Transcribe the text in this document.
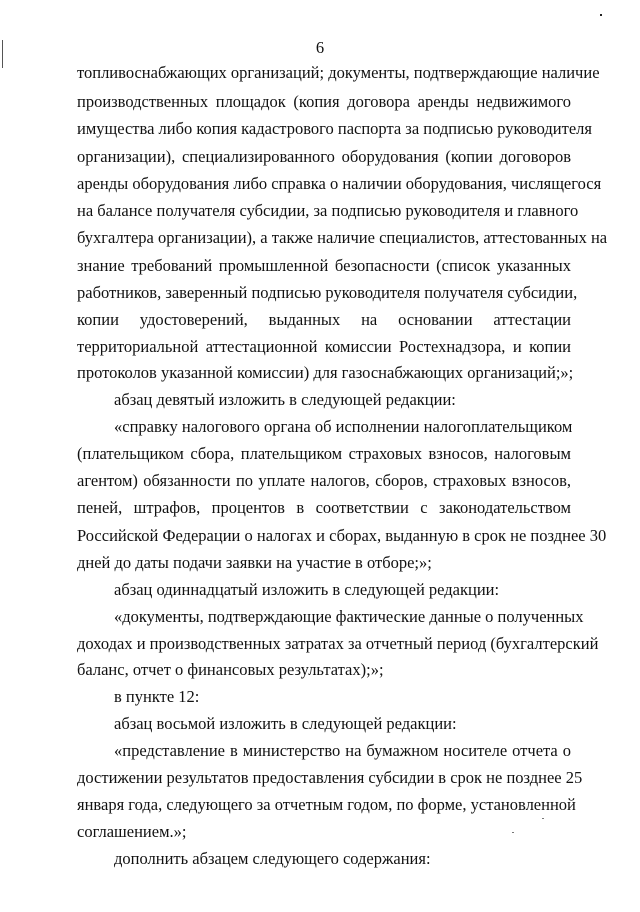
6
топливоснабжающих организаций; документы, подтверждающие наличие
производственных площадок (копия договора аренды недвижимого
имущества либо копия кадастрового паспорта за подписью руководителя
организации), специализированного оборудования (копии договоров
аренды оборудования либо справка о наличии оборудования, числящегося
на балансе получателя субсидии, за подписью руководителя и главного
бухгалтера организации), а также наличие специалистов, аттестованных на
знание требований промышленной безопасности (список указанных
работников, заверенный подписью руководителя получателя субсидии,
копии удостоверений, выданных на основании аттестации
территориальной аттестационной комиссии Ростехнадзора, и копии
протоколов указанной комиссии) для газоснабжающих организаций;»;
абзац девятый изложить в следующей редакции:
«справку налогового органа об исполнении налогоплательщиком
(плательщиком сбора, плательщиком страховых взносов, налоговым
агентом) обязанности по уплате налогов, сборов, страховых взносов,
пеней, штрафов, процентов в соответствии с законодательством
Российской Федерации о налогах и сборах, выданную в срок не позднее 30
дней до даты подачи заявки на участие в отборе;»;
абзац одиннадцатый изложить в следующей редакции:
«документы, подтверждающие фактические данные о полученных
доходах и производственных затратах за отчетный период (бухгалтерский
баланс, отчет о финансовых результатах);»;
в пункте 12:
абзац восьмой изложить в следующей редакции:
«представление в министерство на бумажном носителе отчета о
достижении результатов предоставления субсидии в срок не позднее 25
января года, следующего за отчетным годом, по форме, установленной
соглашением.»;
дополнить абзацем следующего содержания:
